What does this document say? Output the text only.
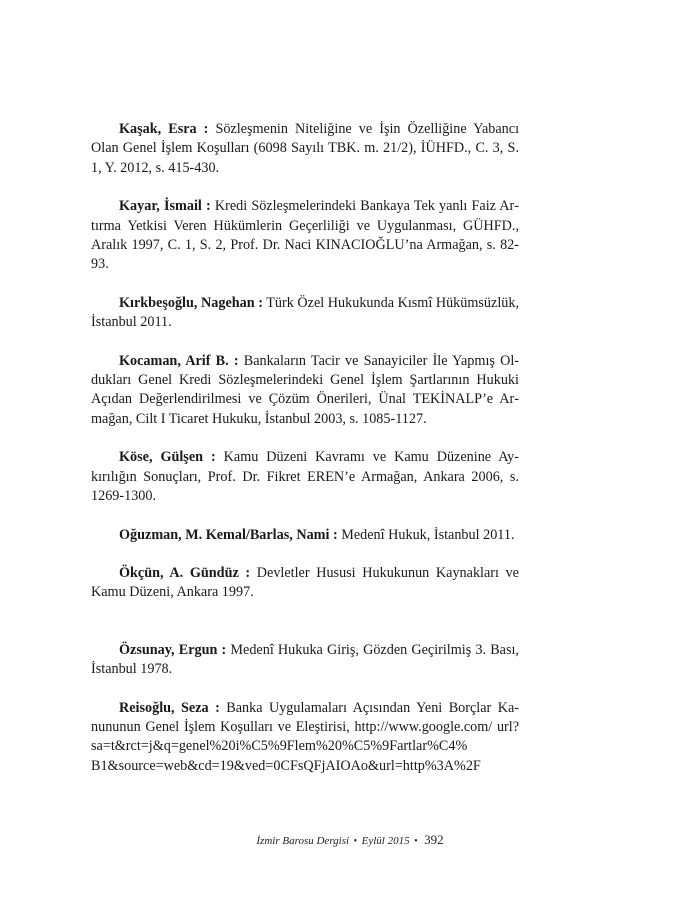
Kaşak, Esra : Sözleşmenin Niteliğine ve İşin Özelliğine Yabancı Olan Genel İşlem Koşulları (6098 Sayılı TBK. m. 21/2), İÜHFD., C. 3, S. 1, Y. 2012, s. 415-430.

Kayar, İsmail : Kredi Sözleşmelerindeki Bankaya Tek yanlı Faiz Artırma Yetkisi Veren Hükümlerin Geçerliliği ve Uygulanması, GÜHFD., Aralık 1997, C. 1, S. 2, Prof. Dr. Naci KINACIOĞLU’na Armağan, s. 82-93.

Kırkbeşoğlu, Nagehan : Türk Özel Hukukunda Kısmî Hükümsüzlük, İstanbul 2011.

Kocaman, Arif B. : Bankaların Tacir ve Sanayiciler İle Yapmış Oldukları Genel Kredi Sözleşmelerindeki Genel İşlem Şartlarının Hukuki Açıdan Değerlendirilmesi ve Çözüm Önerileri, Ünal TEKİNALP’e Armağan, Cilt I Ticaret Hukuku, İstanbul 2003, s. 1085-1127.

Köse, Gülşen : Kamu Düzeni Kavramı ve Kamu Düzenine Aykırılığın Sonuçları, Prof. Dr. Fikret EREN’e Armağan, Ankara 2006, s. 1269-1300.

Oğuzman, M. Kemal/Barlas, Nami : Medenî Hukuk, İstanbul 2011.

Ökçün, A. Gündüz : Devletler Hususi Hukukunun Kaynakları ve Kamu Düzeni, Ankara 1997.

Özsunay, Ergun : Medenî Hukuka Giriş, Gözden Geçirilmiş 3. Bası, İstanbul 1978.

Reisoğlu, Seza : Banka Uygulamaları Açısından Yeni Borçlar Kanununun Genel İşlem Koşulları ve Eleştirisi, http://www.google.com/ url?sa=t&rct=j&q=genel%20i%C5%9Flem%20%C5%9Fartlar%C4% B1&source=web&cd=19&ved=0CFsQFjAIOAo&url=http%3A%2F

İzmir Barosu Dergisi • Eylül 2015 • 392
